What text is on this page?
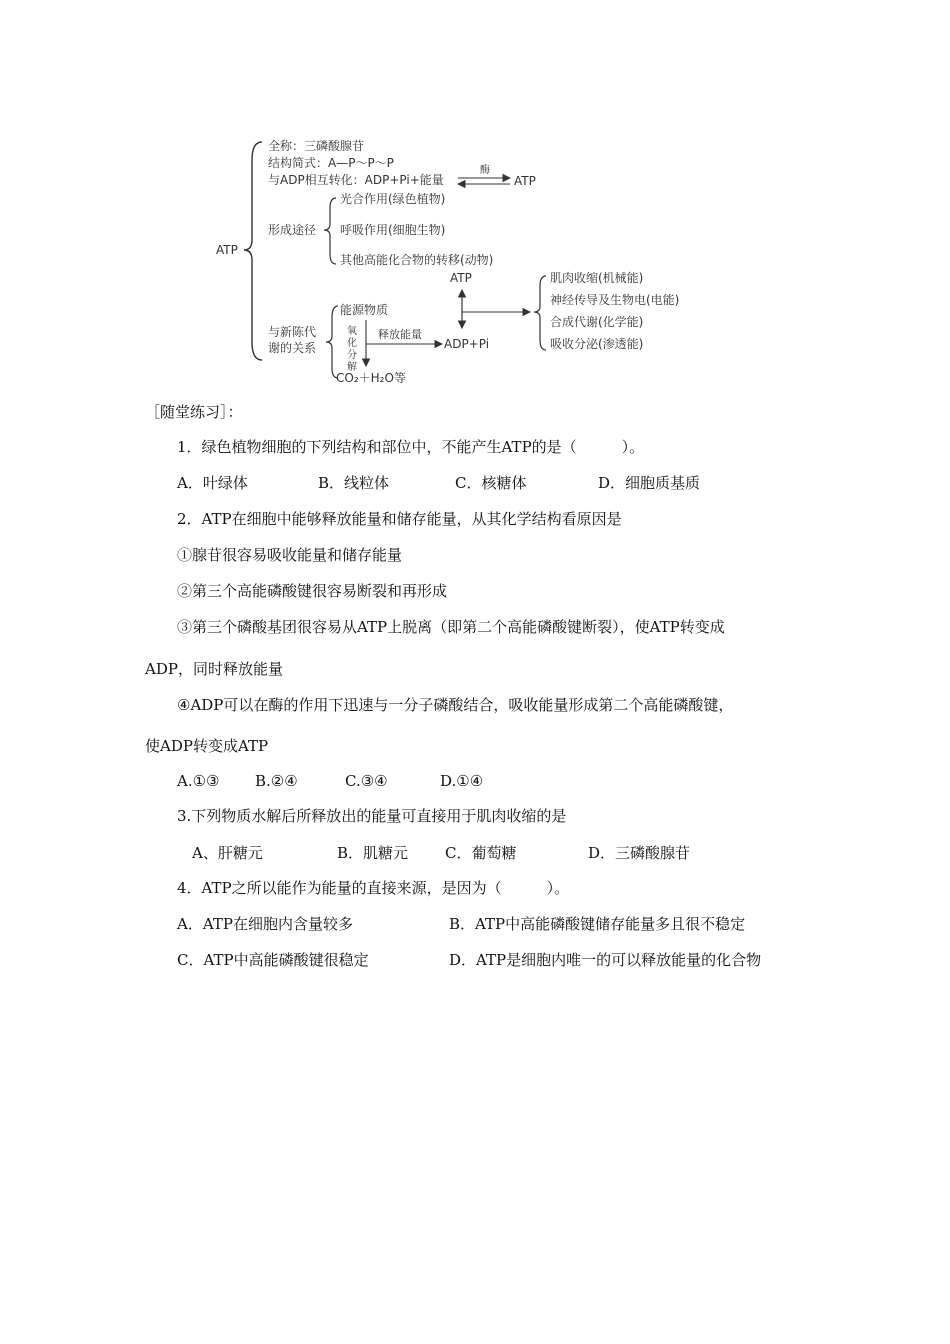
ATP
全称：三磷酸腺苷
结构简式：A—P～P～P
与ADP相互转化：ADP+Pi+能量
酶
ATP
形成途径
光合作用(绿色植物)
呼吸作用(细胞生物)
其他高能化合物的转移(动物)
与新陈代
谢的关系
能源物质
氧
化
分
解
释放能量
ADP+Pi
CO₂＋H₂O等
ATP	肌肉收缩(机械能)
神经传导及生物电(电能)
合成代谢(化学能)
吸收分泌(渗透能)
［随堂练习］：
1．绿色植物细胞的下列结构和部位中，不能产生ATP的是（　　　）。
A．叶绿体	B．线粒体	C．核糖体	D．细胞质基质
2．ATP在细胞中能够释放能量和储存能量，从其化学结构看原因是
①腺苷很容易吸收能量和储存能量
②第三个高能磷酸键很容易断裂和再形成
③第三个磷酸基团很容易从ATP上脱离（即第二个高能磷酸键断裂），使ATP转变成
ADP，同时释放能量
④ADP可以在酶的作用下迅速与一分子磷酸结合，吸收能量形成第二个高能磷酸键，
使ADP转变成ATP
A.①③ B.②④	C.③④	D.①④
3.下列物质水解后所释放出的能量可直接用于肌肉收缩的是
A、肝糖元	B．肌糖元 C．葡萄糖	D．三磷酸腺苷
4．ATP之所以能作为能量的直接来源，是因为（　　　）。
A．ATP在细胞内含量较多	B．ATP中高能磷酸键储存能量多且很不稳定
C．ATP中高能磷酸键很稳定	D．ATP是细胞内唯一的可以释放能量的化合物
